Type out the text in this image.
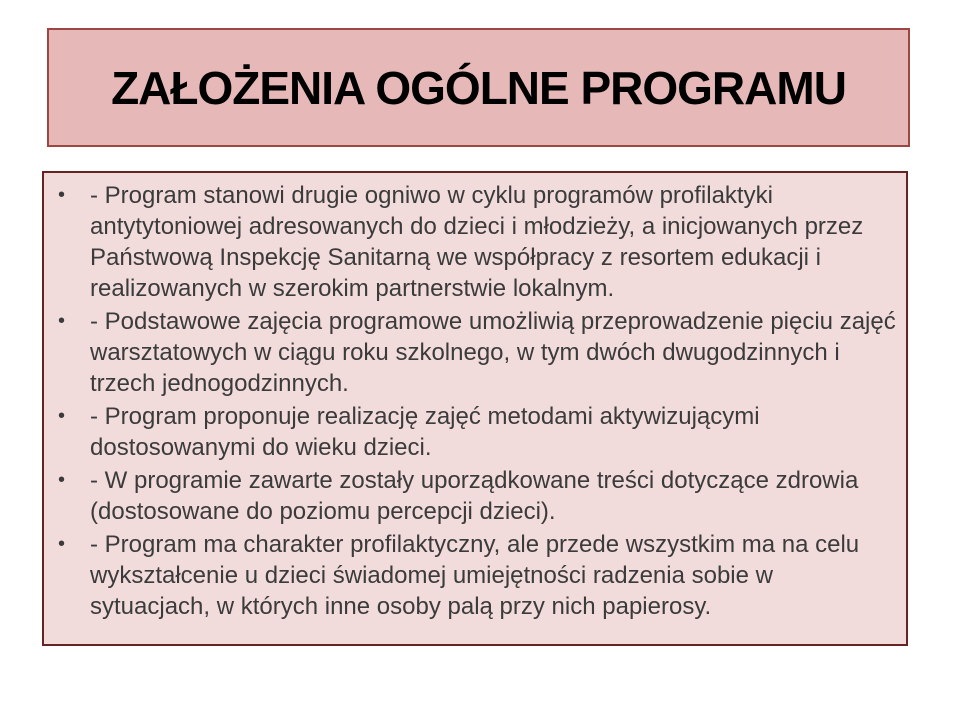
ZAŁOŻENIA OGÓLNE PROGRAMU
• - Program stanowi drugie ogniwo w cyklu programów profilaktyki antytytoniowej adresowanych do dzieci i młodzieży, a inicjowanych przez Państwową Inspekcję Sanitarną we współpracy z resortem edukacji i realizowanych w szerokim partnerstwie lokalnym.
• - Podstawowe zajęcia programowe umożliwią przeprowadzenie pięciu zajęć warsztatowych w ciągu roku szkolnego, w tym dwóch dwugodzinnych i trzech jednogodzinnych.
• - Program proponuje realizację zajęć metodami aktywizującymi dostosowanymi do wieku dzieci.
• - W programie zawarte zostały uporządkowane treści dotyczące zdrowia (dostosowane do poziomu percepcji dzieci).
• - Program ma charakter profilaktyczny, ale przede wszystkim ma na celu wykształcenie u dzieci świadomej umiejętności radzenia sobie w sytuacjach, w których inne osoby palą przy nich papierosy.
